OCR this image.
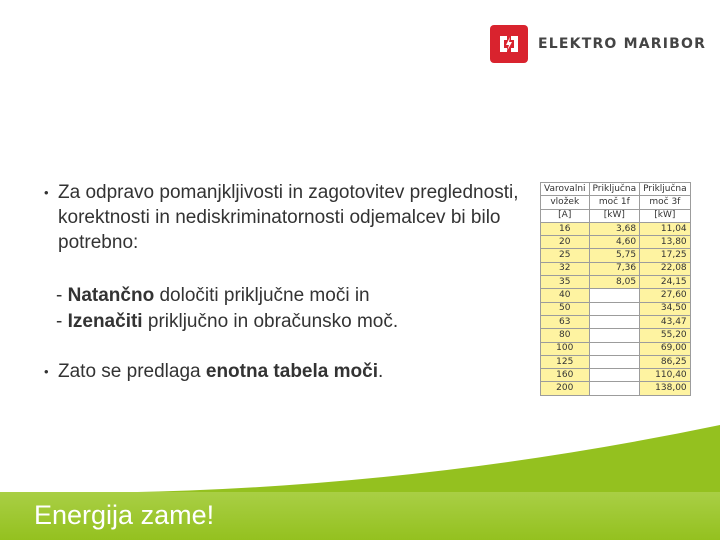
ELEKTRO MARIBOR
• Za odpravo pomanjkljivosti in zagotovitev preglednosti, korektnosti in nediskriminatornosti odjemalcev bi bilo potrebno:
- Natančno določiti priključne moči in
- Izenačiti priključno in obračunsko moč.
• Zato se predlaga enotna tabela moči.
Varovalni	Priključna	Priključna
vložek	moč 1f	moč 3f
[A]	[kW]	[kW]
16	3,68	11,04
20	4,60	13,80
25	5,75	17,25
32	7,36	22,08
35	8,05	24,15
40		27,60
50		34,50
63		43,47
80		55,20
100		69,00
125		86,25
160		110,40
200		138,00
Energija zame!
